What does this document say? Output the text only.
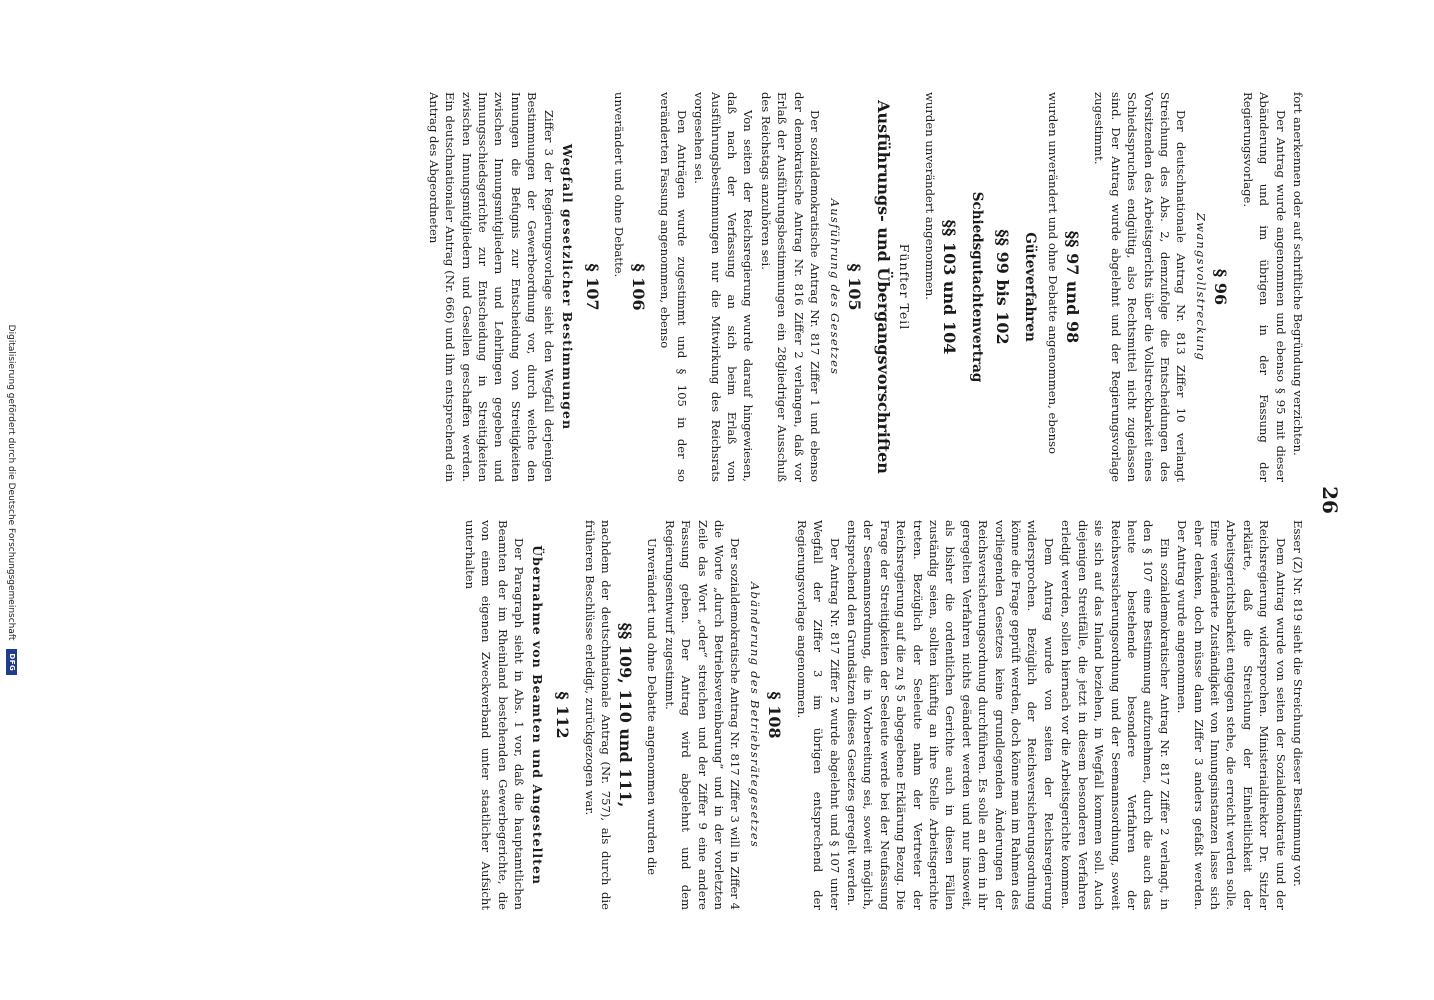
26

fort anerkennen oder auf schriftliche Begründung verzichten.

Der Antrag wurde angenommen und ebenso § 95 mit dieser Abänderung und im übrigen in der Fassung der Regierungsvorlage.

§ 96

Zwangsvollstreckung

Der deutschnationale Antrag Nr. 813 Ziffer 10 verlangt Streichung des Abs. 2, demzufolge die Entscheidungen des Vorsitzenden des Arbeitsgerichts über die Vollstreckbarkeit eines Schiedsspruches endgültig, also Rechtsmittel nicht zugelassen sind. Der Antrag wurde abgelehnt und der Regierungsvorlage zugestimmt.

§§ 97 und 98

wurden unverändert und ohne Debatte angenommen, ebenso

Güteverfahren

§§ 99 bis 102

Schiedsgutachtenvertrag

§§ 103 und 104

wurden unverändert angenommen.

Fünfter Teil

Ausführungs- und Übergangsvorschriften

§ 105

Ausführung des Gesetzes

Der sozialdemokratische Antrag Nr. 817 Ziffer 1 und ebenso der demokratische Antrag Nr. 816 Ziffer 2 verlangen, daß vor Erlaß der Ausführungsbestimmungen ein 28gliedriger Ausschuß des Reichstags anzuhören sei.

Von seiten der Reichsregierung wurde darauf hingewiesen, daß nach der Verfassung an sich beim Erlaß von Ausführungsbestimmungen nur die Mitwirkung des Reichsrats vorgesehen sei.

Den Anträgen wurde zugestimmt und § 105 in der so veränderten Fassung angenommen, ebenso

§ 106

unverändert und ohne Debatte.

§ 107

Wegfall gesetzlicher Bestimmungen

Ziffer 3 der Regierungsvorlage sieht den Wegfall derjenigen Bestimmungen der Gewerbeordnung vor, durch welche den Innungen die Befugnis zur Entscheidung von Streitigkeiten zwischen Innungsmitgliedern und Lehrlingen gegeben und Innungsschiedsgerichte zur Entscheidung in Streitigkeiten zwischen Innungsmitgliedern und Gesellen geschaffen werden. Ein deutschnationaler Antrag (Nr. 666) und ihm entsprechend ein Antrag des Abgeordneten

Esser (Z) Nr. 819 sieht die Streichung dieser Bestimmung vor.

Dem Antrag wurde von seiten der Sozialdemokratie und der Reichsregierung widersprochen. Ministerialdirektor Dr. Sitzler erklärte, daß die Streichung der Einheitlichkeit der Arbeitsgerichtsbarkeit entgegen stehe, die erreicht werden solle. Eine veränderte Zuständigkeit von Innungsinstanzen lasse sich eher denken, doch müsse dann Ziffer 3 anders gefaßt werden. Der Antrag wurde angenommen.

Ein sozialdemokratischer Antrag Nr. 817 Ziffer 2 verlangt, in den § 107 eine Bestimmung aufzunehmen, durch die auch das heute bestehende besondere Verfahren der Reichsversicherungsordnung und der Seemannsordnung, soweit sie sich auf das Inland beziehen, in Wegfall kommen soll. Auch diejenigen Streitfälle, die jetzt in diesem besonderen Verfahren erledigt werden, sollen hiernach vor die Arbeitsgerichte kommen.

Dem Antrag wurde von seiten der Reichsregierung widersprochen. Bezüglich der Reichsversicherungsordnung könne die Frage geprüft werden, doch könne man im Rahmen des vorliegenden Gesetzes keine grundlegenden Änderungen der Reichsversicherungsordnung durchführen. Es solle an dem in ihr geregelten Verfahren nichts geändert werden und nur insoweit, als bisher die ordentlichen Gerichte auch in diesen Fällen zuständig seien, sollten künftig an ihre Stelle Arbeitsgerichte treten. Bezüglich der Seeleute nahm der Vertreter der Reichsregierung auf die zu § 5 abgegebene Erklärung Bezug. Die Frage der Streitigkeiten der Seeleute werde bei der Neufassung der Seemannsordnung, die in Vorbereitung sei, soweit möglich, entsprechend den Grundsätzen dieses Gesetzes geregelt werden.

Der Antrag Nr. 817 Ziffer 2 wurde abgelehnt und § 107 unter Wegfall der Ziffer 3 im übrigen entsprechend der Regierungsvorlage angenommen.

§ 108

Abänderung des Betriebsrätegesetzes

Der sozialdemokratische Antrag Nr. 817 Ziffer 3 will in Ziffer 4 die Worte „durch Betriebsvereinbarung“ und in der vorletzten Zeile das Wort „oder“ streichen und der Ziffer 9 eine andere Fassung geben. Der Antrag wird abgelehnt und dem Regierungsentwurf zugestimmt.

Unverändert und ohne Debatte angenommen wurden die

§§ 109, 110 und 111,

nachdem der deutschnationale Antrag (Nr. 757), als durch die früheren Beschlüsse erledigt, zurückgezogen war.

§ 112

Übernahme von Beamten und Angestellten

Der Paragraph sieht in Abs. 1 vor, daß die hauptamtlichen Beamten der im Rheinland bestehenden Gewerbegerichte, die von einem eigenen Zweckverband unter staatlicher Aufsicht unterhalten

Digitalisierung gefördert durch die Deutsche Forschungsgemeinschaft DFG
